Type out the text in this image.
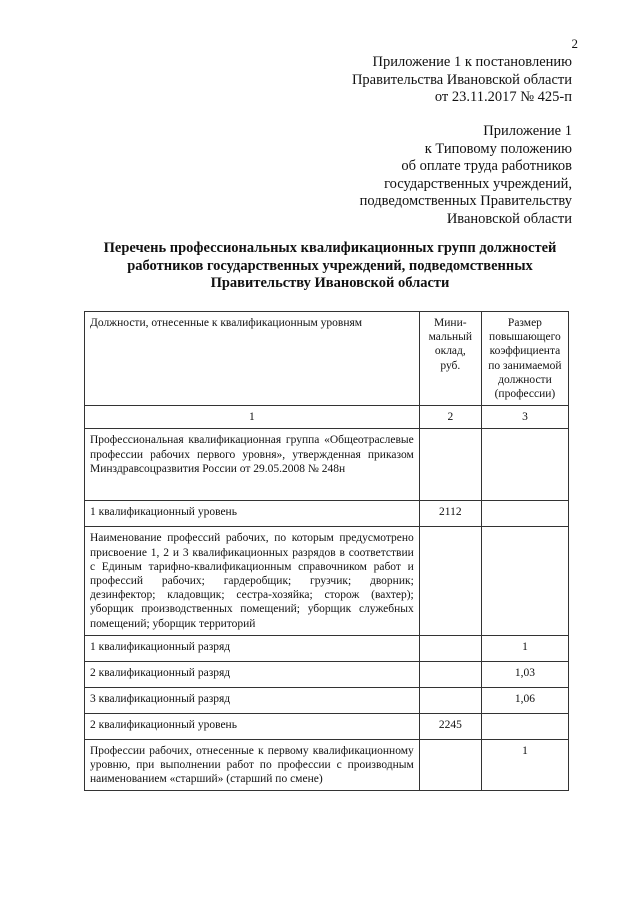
2
Приложение 1 к постановлению
Правительства Ивановской области
от 23.11.2017 № 425-п
Приложение 1
к Типовому положению
об оплате труда работников
государственных учреждений,
подведомственных Правительству
Ивановской области
Перечень профессиональных квалификационных групп должностей
работников государственных учреждений, подведомственных
Правительству Ивановской области
Должности, отнесенные к квалификационным уровням	Мини-мальный оклад, руб.	Размер повышающего коэффициента по занимаемой должности (профессии)
1	2	3
Профессиональная квалификационная группа «Общеотраслевые профессии рабочих первого уровня», утвержденная приказом Минздравсоцразвития России от 29.05.2008 № 248н		
1 квалификационный уровень	2112	
Наименование профессий рабочих, по которым предусмотрено присвоение 1, 2 и 3 квалификационных разрядов в соответствии с Единым тарифно-квалификационным справочником работ и профессий рабочих; гардеробщик; грузчик; дворник; дезинфектор; кладовщик; сестра-хозяйка; сторож (вахтер); уборщик производственных помещений; уборщик служебных помещений; уборщик территорий		
1 квалификационный разряд		1
2 квалификационный разряд		1,03
3 квалификационный разряд		1,06
2 квалификационный уровень	2245	
Профессии рабочих, отнесенные к первому квалификационному уровню, при выполнении работ по профессии с производным наименованием «старший» (старший по смене)		1
